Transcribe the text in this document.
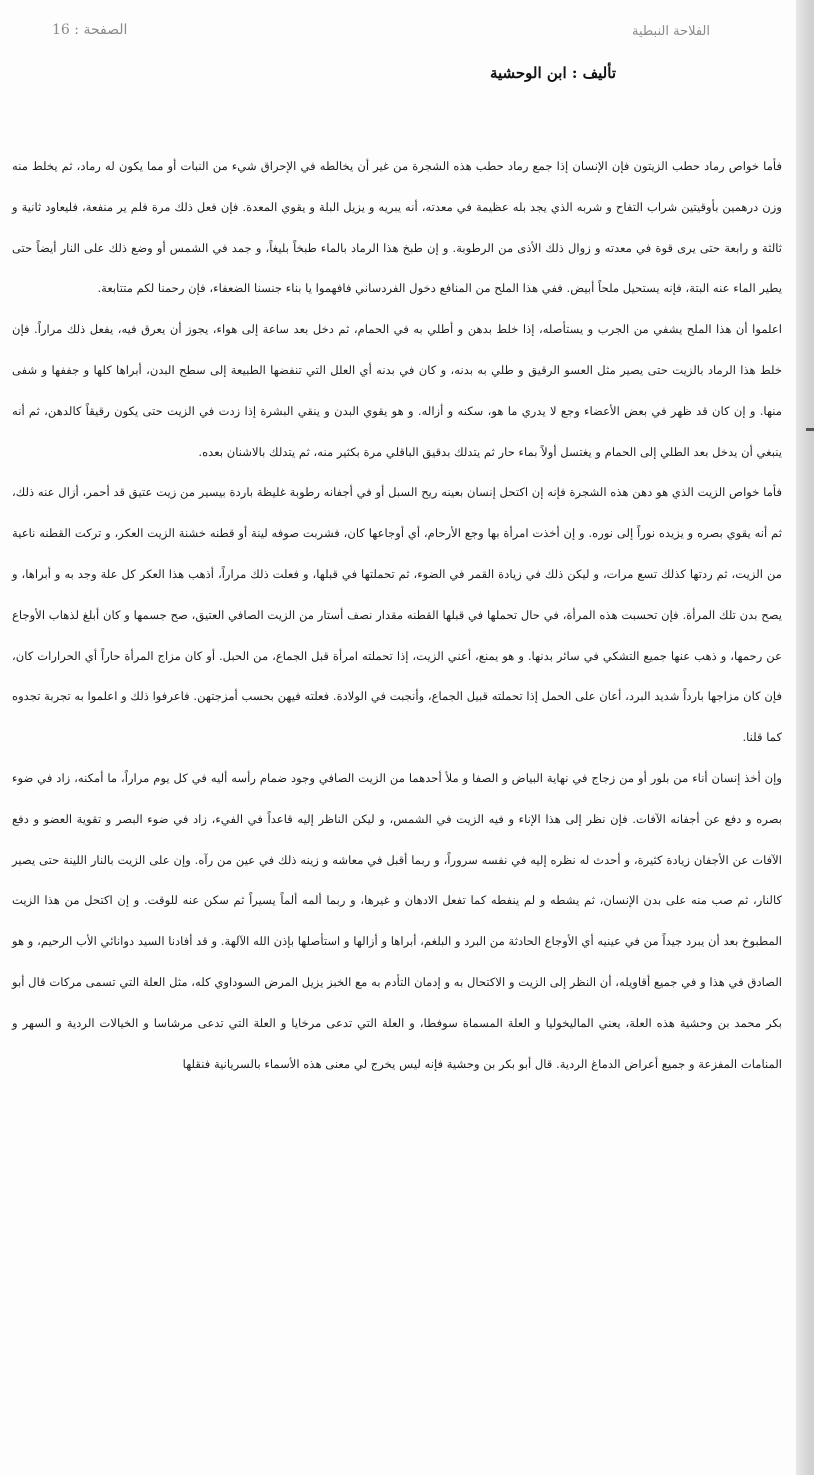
الصفحة : 16	الفلاحة النبطية
تأليف : ابن الوحشية

فأما خواص رماد حطب الزيتون فإن الإنسان إذا جمع رماد حطب هذه الشجرة من غير أن يخالطه في الإحراق شيء من النبات أو مما يكون له رماد، ثم يخلط منه وزن درهمين بأوقيتين شراب التفاح و شربه الذي يجد بله عظيمة في معدته، أنه يبريه و يزيل البلة و يقوي المعدة. فإن فعل ذلك مرة فلم ير منفعة، فليعاود ثانية و ثالثة و رابعة حتى يرى قوة في معدته و زوال ذلك الأذى من الرطوبة. و إن طبخ هذا الرماد بالماء طبخاً بليغاً، و جمد في الشمس أو وضع ذلك على النار أيضاً حتى يطير الماء عنه البتة، فإنه يستحيل ملحاً أبيض. ففي هذا الملح من المنافع دخول الفردساني فافهموا يا بناء جنسنا الضعفاء، فإن رحمنا لكم متتابعة.

اعلموا أن هذا الملح يشفي من الجرب و يستأصله، إذا خلط بدهن و أطلي به في الحمام، ثم دخل بعد ساعة إلى هواء، يجوز أن يعرق فيه، يفعل ذلك مراراً. فإن خلط هذا الرماد بالزيت حتى يصير مثل العسو الرقيق و طلي به بدنه، و كان في بدنه أي العلل التي تنفضها الطبيعة إلى سطح البدن، أبراها كلها و جففها و شفى منها. و إن كان قد ظهر في بعض الأعضاء وجع لا يدري ما هو، سكنه و أزاله. و هو يقوي البدن و ينقي البشرة إذا زدت في الزيت حتى يكون رقيقاً كالدهن، ثم أنه ينبغي أن يدخل بعد الطلي إلى الحمام و يغتسل أولاً بماء حار ثم يتدلك بدقيق الباقلي مرة بكثير منه، ثم يتدلك بالاشنان بعده.

فأما خواص الزيت الذي هو دهن هذه الشجرة فإنه إن اكتحل إنسان بعينه ريح السبل أو في أجفانه رطوبة غليظة باردة بيسير من زيت عتيق قد أحمر، أزال عنه ذلك، ثم أنه يقوي بصره و يزيده نوراً إلى نوره. و إن أخذت امرأة بها وجع الأرحام، أي أوجاعها كان، فشربت صوفه لينة أو قطنه خشنة الزيت العكر، و تركت القطنه ناعية من الزيت، ثم ردتها كذلك تسع مرات، و ليكن ذلك في زيادة القمر في الضوء، ثم تحملتها في قبلها، و فعلت ذلك مراراً، أذهب هذا العكر كل علة وجد به و أبراها، و يصح بدن تلك المرأة. فإن تحسبت هذه المرأة، في حال تحملها في قبلها القطنه مقدار نصف أستار من الزيت الصافي العتيق، صح جسمها و كان أبلغ لذهاب الأوجاع عن رحمها، و ذهب عنها جميع التشكي في سائر بدنها. و هو يمنع، أعني الزيت، إذا تحملته امرأة قبل الجماع، من الحبل. أو كان مزاج المرأة حاراً أي الحرارات كان، فإن كان مزاجها بارداً شديد البرد، أعان على الحمل إذا تحملته قبيل الجماع، وأنجبت في الولادة. فعلته فيهن بحسب أمزجتهن. فاعرفوا ذلك و اعلموا به تجربة تجدوه كما قلنا.

وإن أخذ إنسان أناء من بلور أو من زجاج في نهاية البياض و الصفا و ملأ أحدهما من الزيت الصافي وجود ضمام رأسه أليه في كل يوم مراراً، ما أمكنه، زاد في ضوء بصره و دفع عن أجفانه الآفات. فإن نظر إلى هذا الإناء و فيه الزيت في الشمس، و ليكن الناظر إليه قاعداً في الفيء، زاد في ضوء البصر و تقوية العضو و دفع الآفات عن الأجفان زيادة كثيرة، و أحدث له نظره إليه في نفسه سروراً، و ربما أقبل في معاشه و زينه ذلك في عين من رآه. وإن على الزيت بالنار اللينة حتى يصير كالنار، ثم صب منه على بدن الإنسان، ثم يشطه و لم ينفطه كما تفعل الادهان و غيرها، و ربما ألمه ألماً يسيراً ثم سكن عنه للوقت. و إن اكتحل من هذا الزيت المطبوخ بعد أن يبرد جيداً من في عينيه أي الأوجاع الحادثة من البرد و البلغم، أبراها و أزالها و استأصلها بإذن الله الآلهة. و قد أفادنا السيد دوانائي الأب الرحيم، و هو الصادق في هذا و في جميع أقاويله، أن النظر إلى الزيت و الاكتحال به و إدمان التأدم به مع الخبز يزيل المرض السوداوي كله، مثل العلة التي تسمى مركات قال أبو بكر محمد بن وحشية هذه العلة، يعني الماليخوليا و العلة المسماة سوفطا، و العلة التي تدعى مرخايا و العلة التي تدعى مرشاسا و الخيالات الردية و السهر و المنامات المفزعة و جميع أعراض الدماغ الردية. قال أبو بكر بن وحشية فإنه ليس يخرج لي معنى هذه الأسماء بالسريانية فنقلها
